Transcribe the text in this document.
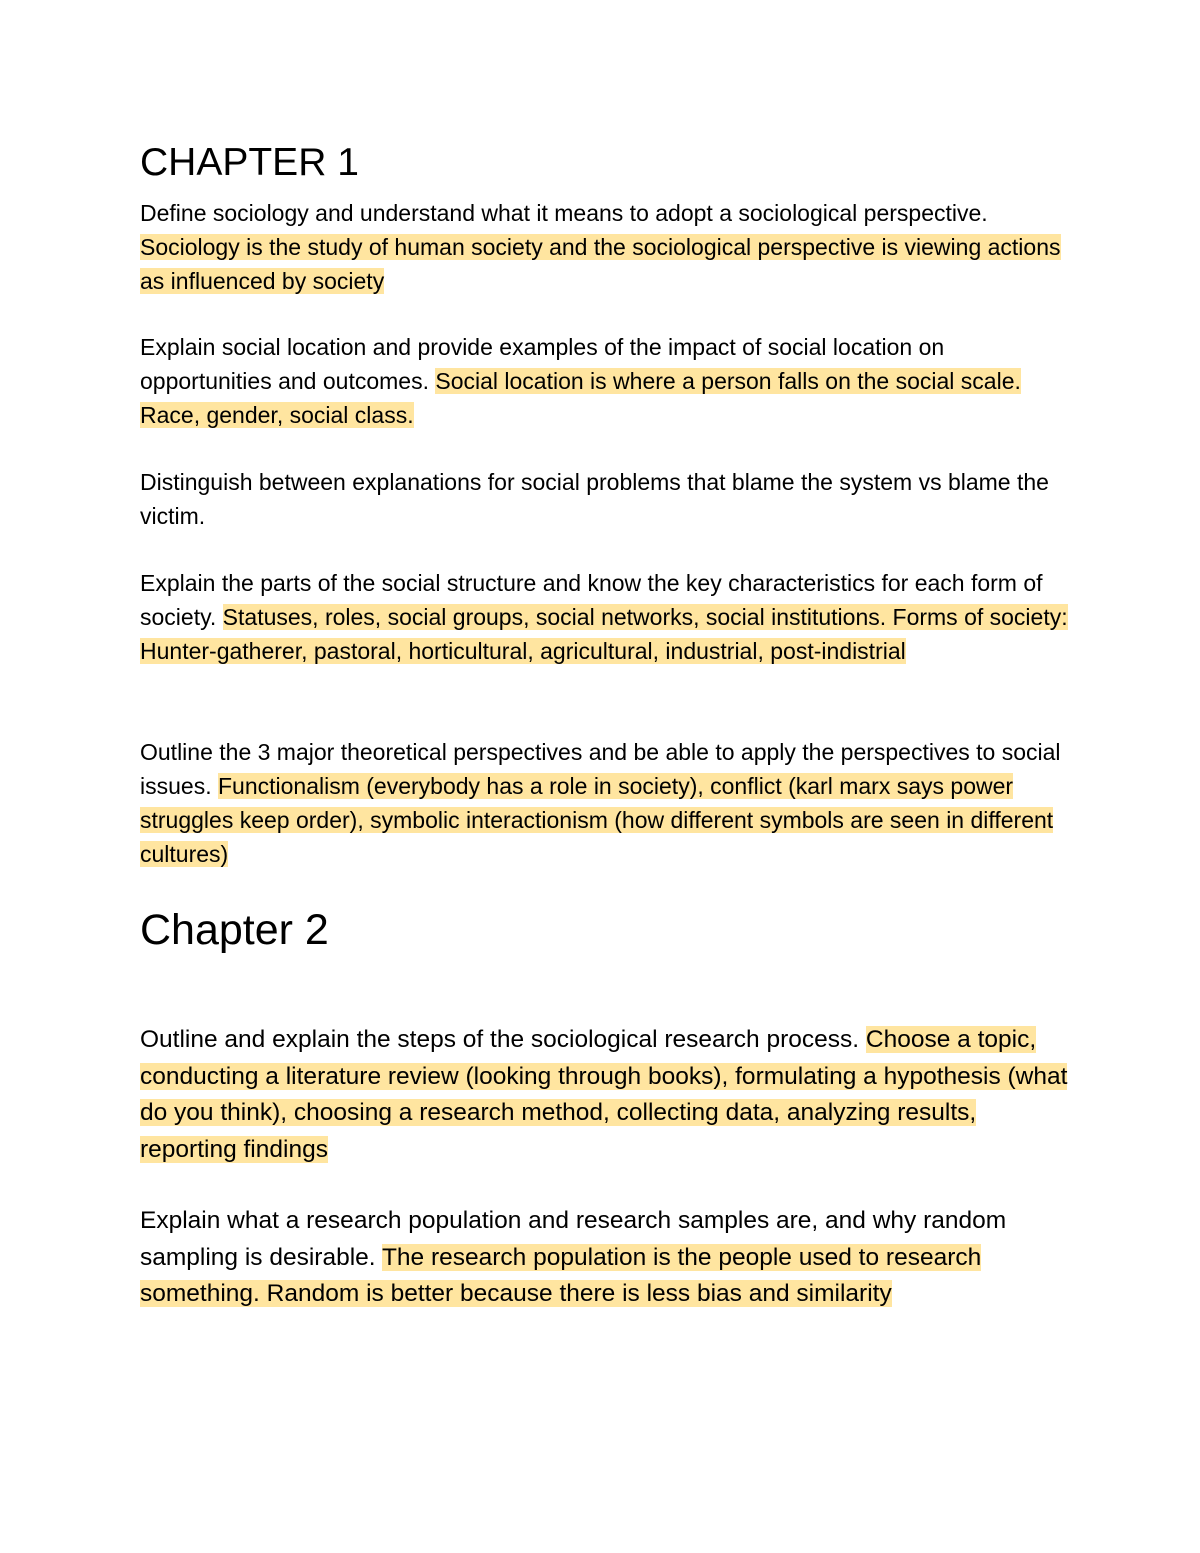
CHAPTER 1

Define sociology and understand what it means to adopt a sociological perspective. Sociology is the study of human society and the sociological perspective is viewing actions as influenced by society

Explain social location and provide examples of the impact of social location on opportunities and outcomes. Social location is where a person falls on the social scale. Race, gender, social class.

Distinguish between explanations for social problems that blame the system vs blame the victim.

Explain the parts of the social structure and know the key characteristics for each form of society. Statuses, roles, social groups, social networks, social institutions. Forms of society: Hunter-gatherer, pastoral, horticultural, agricultural, industrial, post-indistrial

Outline the 3 major theoretical perspectives and be able to apply the perspectives to social issues. Functionalism (everybody has a role in society), conflict (karl marx says power struggles keep order), symbolic interactionism (how different symbols are seen in different cultures)

Chapter 2

Outline and explain the steps of the sociological research process. Choose a topic, conducting a literature review (looking through books), formulating a hypothesis (what do you think), choosing a research method, collecting data, analyzing results, reporting findings

Explain what a research population and research samples are, and why random sampling is desirable. The research population is the people used to research something. Random is better because there is less bias and similarity
